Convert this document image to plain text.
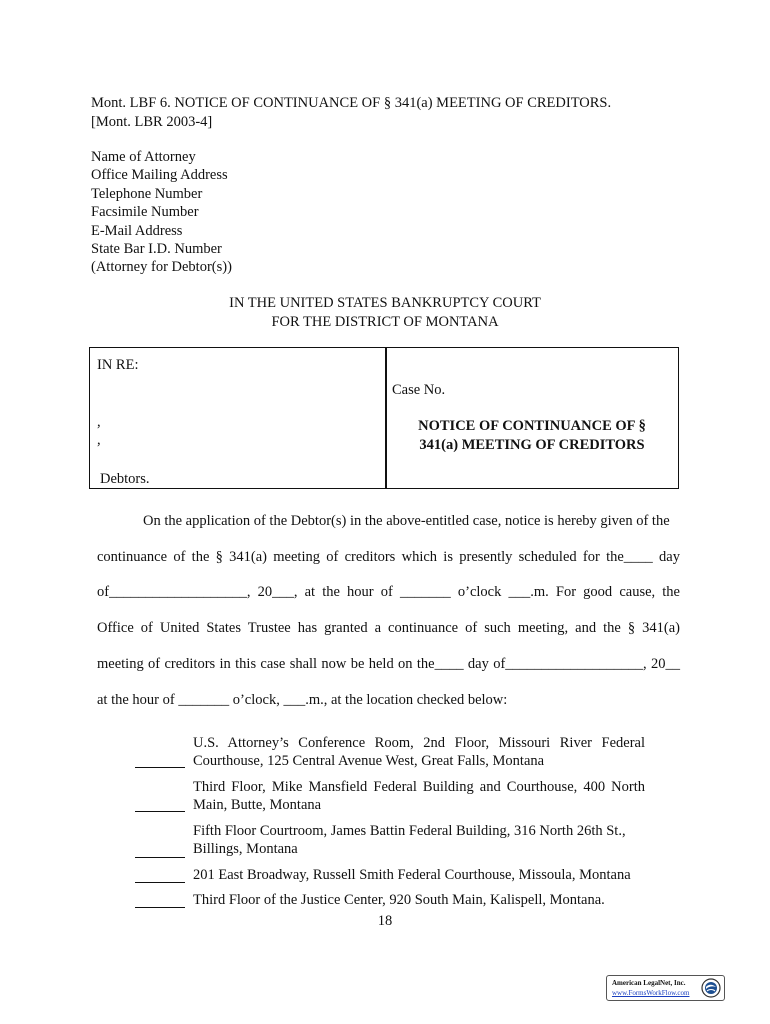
Mont. LBF 6. NOTICE OF CONTINUANCE OF § 341(a) MEETING OF CREDITORS.
[Mont. LBR 2003-4]
Name of Attorney
Office Mailing Address
Telephone Number
Facsimile Number
E-Mail Address
State Bar I.D. Number
(Attorney for Debtor(s))
IN THE UNITED STATES BANKRUPTCY COURT
FOR THE DISTRICT OF MONTANA
IN RE:
,
,
Debtors.
Case No.
NOTICE OF CONTINUANCE OF §
341(a) MEETING OF CREDITORS
On the application of the Debtor(s) in the above-entitled case, notice is hereby given of the
continuance of the § 341(a) meeting of creditors which is presently scheduled for the____ day
of___________________, 20___, at the hour of _______ o’clock ___.m. For good cause, the
Office of United States Trustee has granted a continuance of such meeting, and the § 341(a)
meeting of creditors in this case shall now be held on the____ day of___________________, 20__
at the hour of _______ o’clock, ___.m., at the location checked below:
U.S. Attorney’s Conference Room, 2nd Floor, Missouri River Federal
Courthouse, 125 Central Avenue West, Great Falls, Montana
Third Floor, Mike Mansfield Federal Building and Courthouse, 400 North
Main, Butte, Montana
Fifth Floor Courtroom, James Battin Federal Building, 316 North 26th St.,
Billings, Montana
201 East Broadway, Russell Smith Federal Courthouse, Missoula, Montana
Third Floor of the Justice Center, 920 South Main, Kalispell, Montana.
18
American LegalNet, Inc.
www.FormsWorkFlow.com
